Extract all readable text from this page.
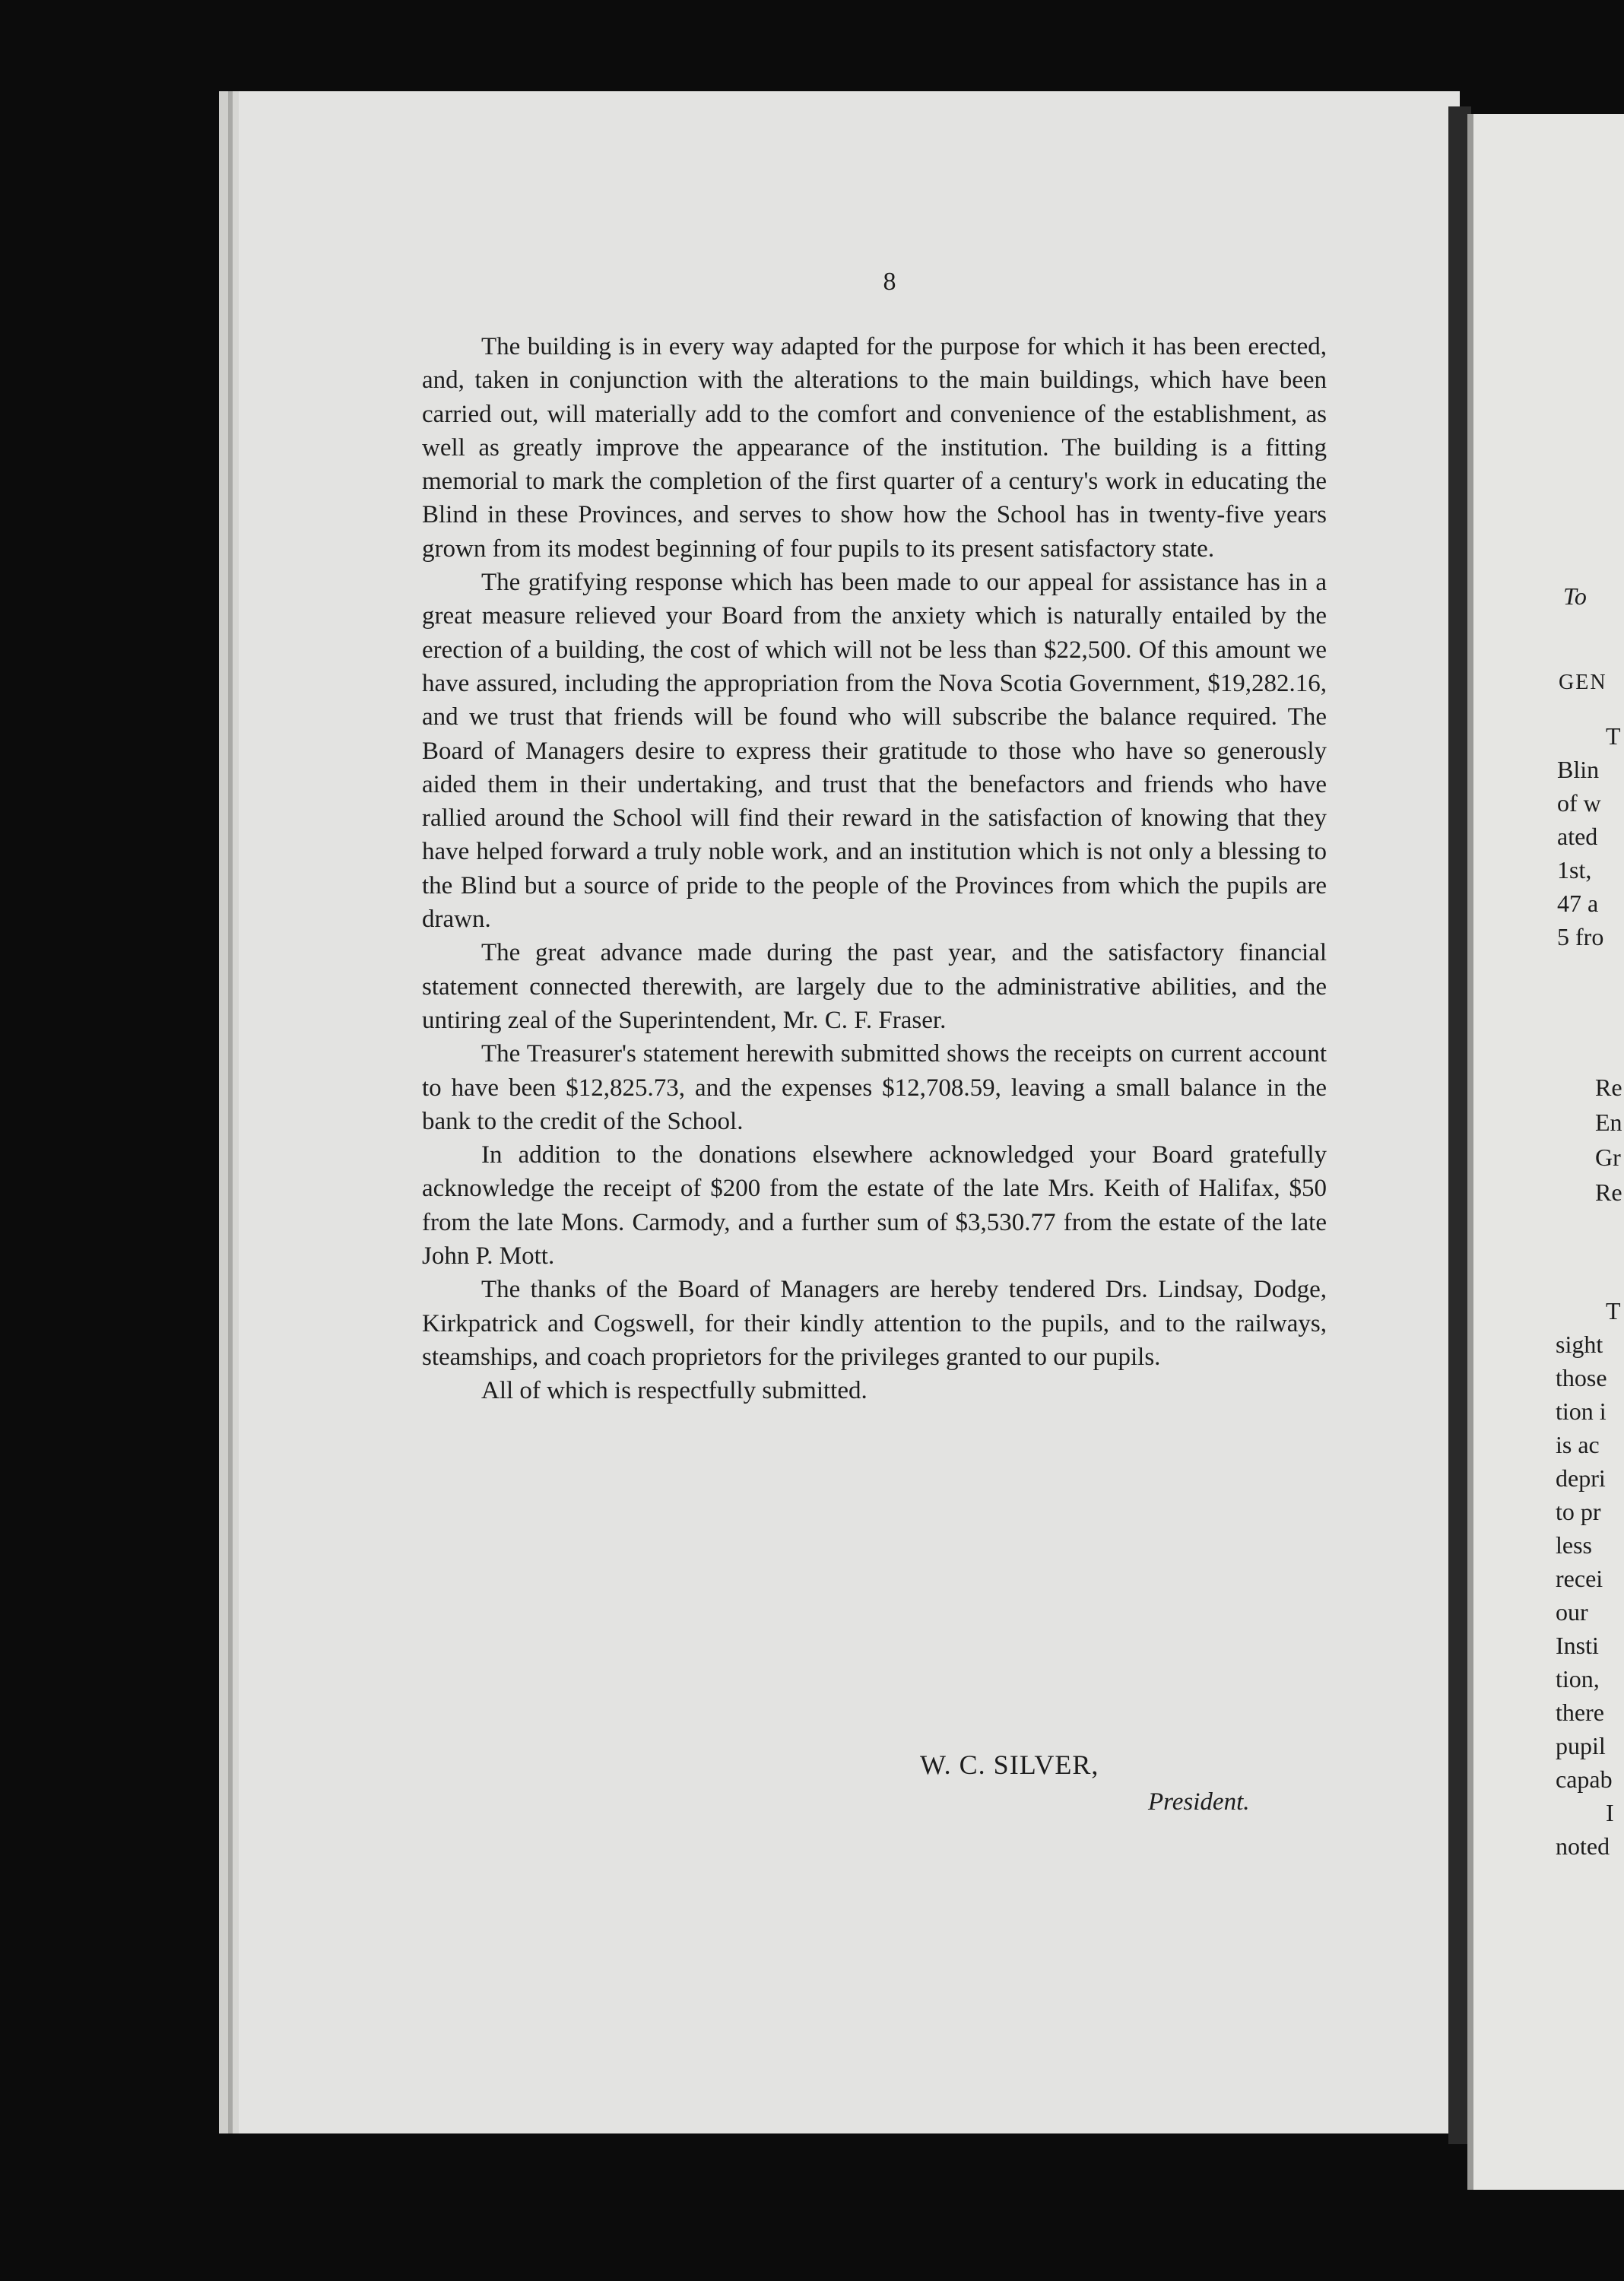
8

The building is in every way adapted for the purpose for which it has been erected, and, taken in conjunction with the alterations to the main buildings, which have been carried out, will materially add to the comfort and convenience of the establishment, as well as greatly improve the appearance of the institution. The building is a fitting memorial to mark the completion of the first quarter of a century's work in educating the Blind in these Provinces, and serves to show how the School has in twenty-five years grown from its modest beginning of four pupils to its present satisfactory state.

The gratifying response which has been made to our appeal for assistance has in a great measure relieved your Board from the anxiety which is naturally entailed by the erection of a building, the cost of which will not be less than $22,500. Of this amount we have assured, including the appropriation from the Nova Scotia Government, $19,282.16, and we trust that friends will be found who will subscribe the balance required. The Board of Managers desire to express their gratitude to those who have so generously aided them in their undertaking, and trust that the benefactors and friends who have rallied around the School will find their reward in the satisfaction of knowing that they have helped forward a truly noble work, and an institution which is not only a blessing to the Blind but a source of pride to the people of the Provinces from which the pupils are drawn.

The great advance made during the past year, and the satisfactory financial statement connected therewith, are largely due to the administrative abilities, and the untiring zeal of the Superintendent, Mr. C. F. Fraser.

The Treasurer's statement herewith submitted shows the receipts on current account to have been $12,825.73, and the expenses $12,708.59, leaving a small balance in the bank to the credit of the School.

In addition to the donations elsewhere acknowledged your Board gratefully acknowledge the receipt of $200 from the estate of the late Mrs. Keith of Halifax, $50 from the late Mons. Carmody, and a further sum of $3,530.77 from the estate of the late John P. Mott.

The thanks of the Board of Managers are hereby tendered Drs. Lindsay, Dodge, Kirkpatrick and Cogswell, for their kindly attention to the pupils, and to the railways, steamships, and coach proprietors for the privileges granted to our pupils.

All of which is respectfully submitted.

W. C. SILVER,
President.
To
GEN
T
Blin
of w
ated
1st,
47 a
5 fro
Re
En
Gr
Re
T
sight
those
tion i
is ac
depri
to pr
less
recei
our
Insti
tion,
there
pupil
capab
I
noted
